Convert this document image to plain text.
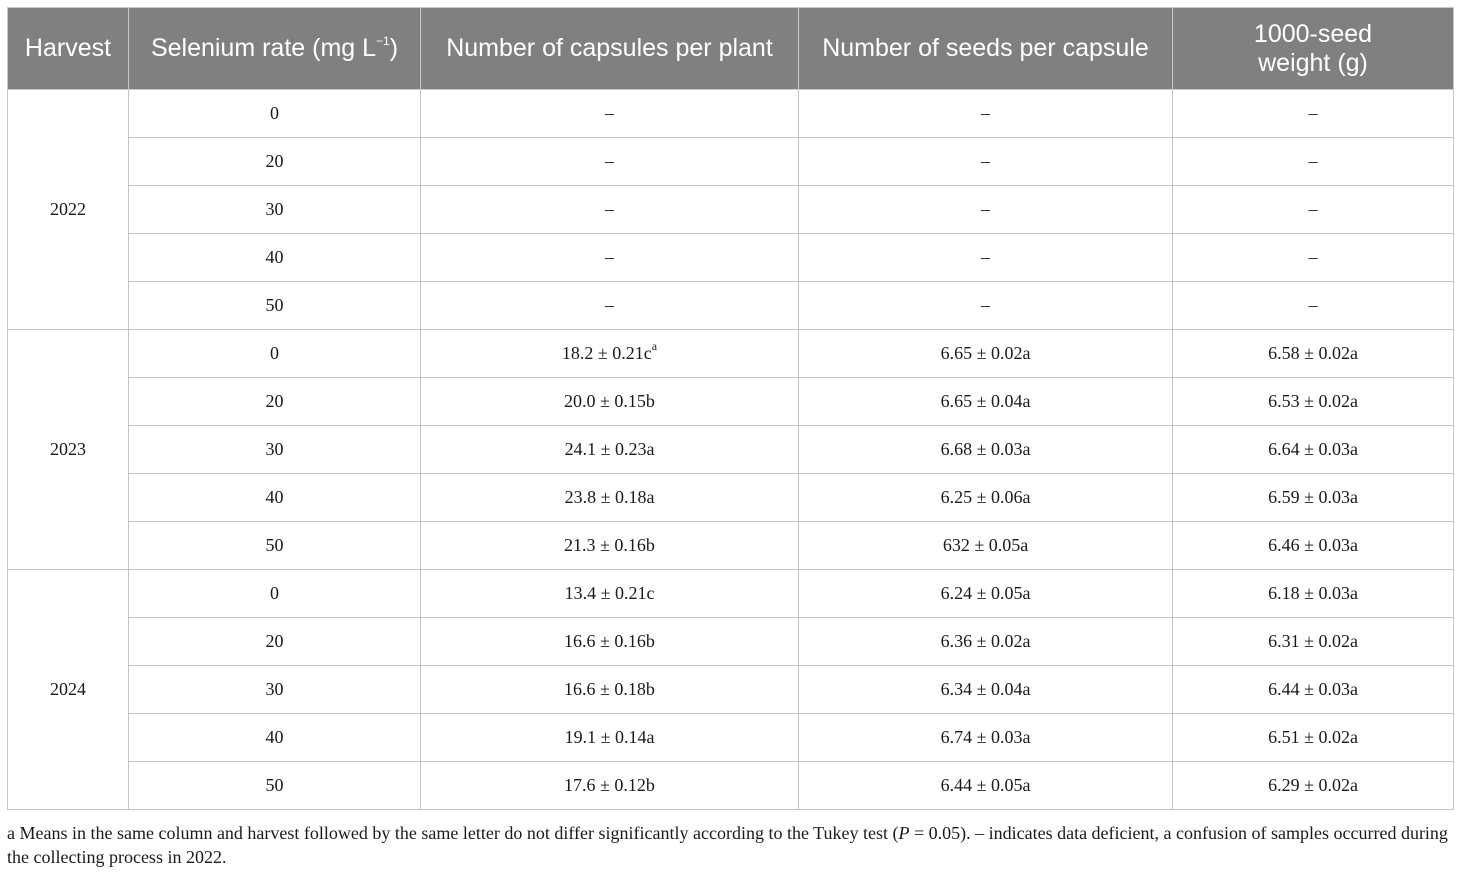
Harvest	Selenium rate (mg $L^{-1}$)	Number of capsules per plant	Number of seeds per capsule	1000-seed weight (g)
2022	0	–	–	–
	20	–	–	–
	30	–	–	–
	40	–	–	–
	50	–	–	–
2023	0	$18.2 \pm 0.21c^a$	6.65 ± 0.02a	6.58 ± 0.02a
	20	20.0 ± 0.15b	6.65 ± 0.04a	6.53 ± 0.02a
	30	24.1 ± 0.23a	6.68 ± 0.03a	6.64 ± 0.03a
	40	23.8 ± 0.18a	6.25 ± 0.06a	6.59 ± 0.03a
	50	21.3 ± 0.16b	632 ± 0.05a	6.46 ± 0.03a
2024	0	13.4 ± 0.21c	6.24 ± 0.05a	6.18 ± 0.03a
	20	16.6 ± 0.16b	6.36 ± 0.02a	6.31 ± 0.02a
	30	16.6 ± 0.18b	6.34 ± 0.04a	6.44 ± 0.03a
	40	19.1 ± 0.14a	6.74 ± 0.03a	6.51 ± 0.02a
	50	17.6 ± 0.12b	6.44 ± 0.05a	6.29 ± 0.02a
a Means in the same column and harvest followed by the same letter do not differ significantly according to the Tukey test (P = 0.05). – indicates data deficient, a confusion of samples occurred during the collecting process in 2022.
